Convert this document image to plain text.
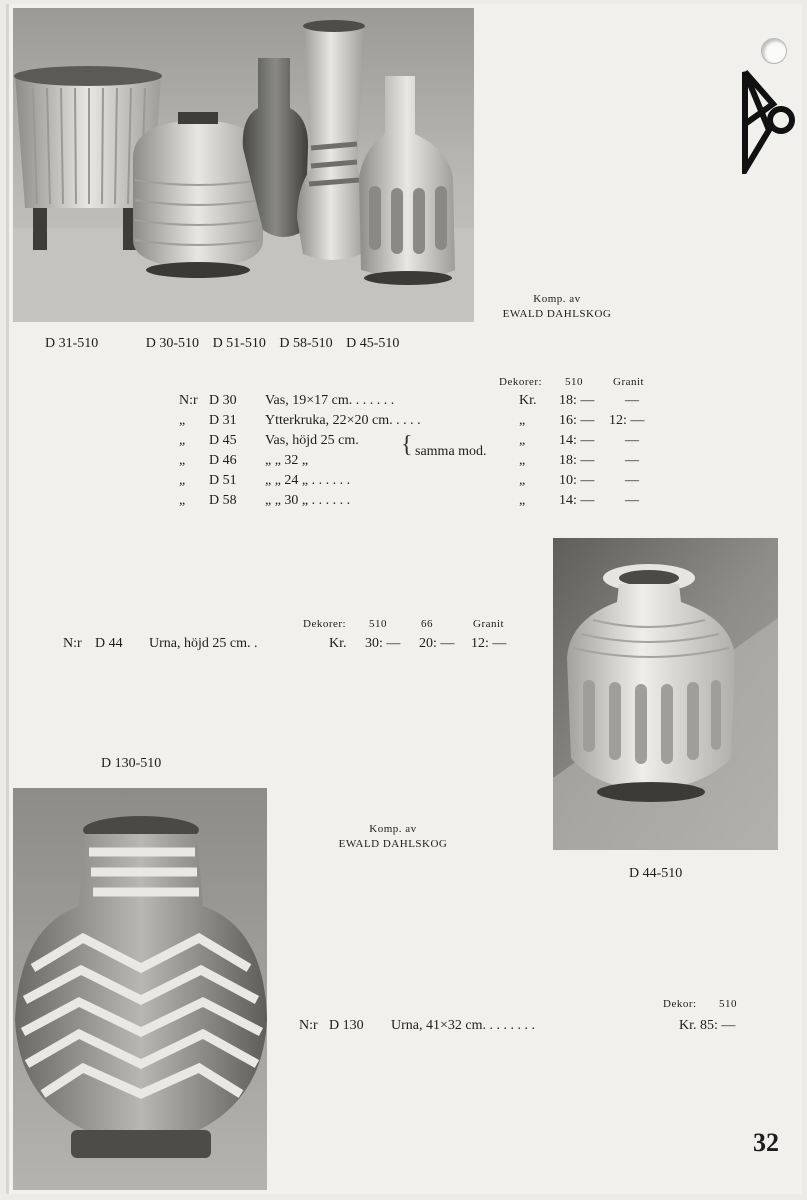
Komp. av
EWALD DAHLSKOG
D 31-510	D 30-510 D 51-510 D 58-510 D 45-510
Dekorer: 510	Granit
N:r D 30 Vas, 19×17 cm. . . . . . .	Kr. 18: — —
„ D 31 Ytterkruka, 22×20 cm. . . . .	„ 16: — 12: —
„ D 45 Vas, höjd 25 cm.	„ 14: — —
{ samma mod.
„ D 46 „ „ 32 „	„ 18: — —
„ D 51 „ „ 24 „ . . . . . .	„ 10: — —
„ D 58 „ „ 30 „ . . . . . .	„ 14: — —
Dekorer: 510	66	Granit
N:r D 44 Urna, höjd 25 cm. .	Kr. 30: — 20: — 12: —
D 130-510
Komp. av
EWALD DAHLSKOG
D 44-510
Dekor: 510
N:r D 130 Urna, 41×32 cm. . . . . . . .	Kr. 85: —
32
